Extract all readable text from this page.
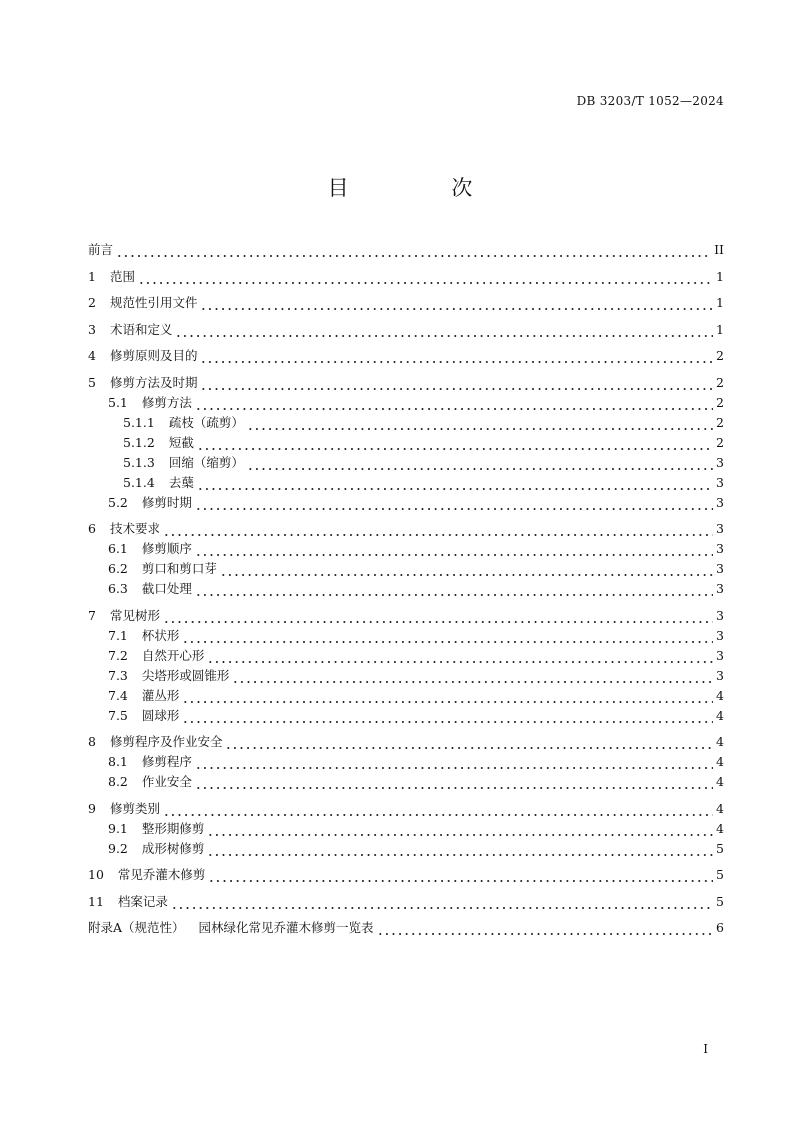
DB 3203/T 1052—2024
目 次
前言	II
1 范围	1
2 规范性引用文件	1
3 术语和定义	1
4 修剪原则及目的	2
5 修剪方法及时期	2
5.1 修剪方法	2
5.1.1 疏枝（疏剪）	2
5.1.2 短截	2
5.1.3 回缩（缩剪）	3
5.1.4 去蘖	3
5.2 修剪时期	3
6 技术要求	3
6.1 修剪顺序	3
6.2 剪口和剪口芽	3
6.3 截口处理	3
7 常见树形	3
7.1 杯状形	3
7.2 自然开心形	3
7.3 尖塔形或圆锥形	3
7.4 灌丛形	4
7.5 圆球形	4
8 修剪程序及作业安全	4
8.1 修剪程序	4
8.2 作业安全	4
9 修剪类别	4
9.1 整形期修剪	4
9.2 成形树修剪	5
10 常见乔灌木修剪	5
11 档案记录	5
附录A（规范性） 园林绿化常见乔灌木修剪一览表	6
I
